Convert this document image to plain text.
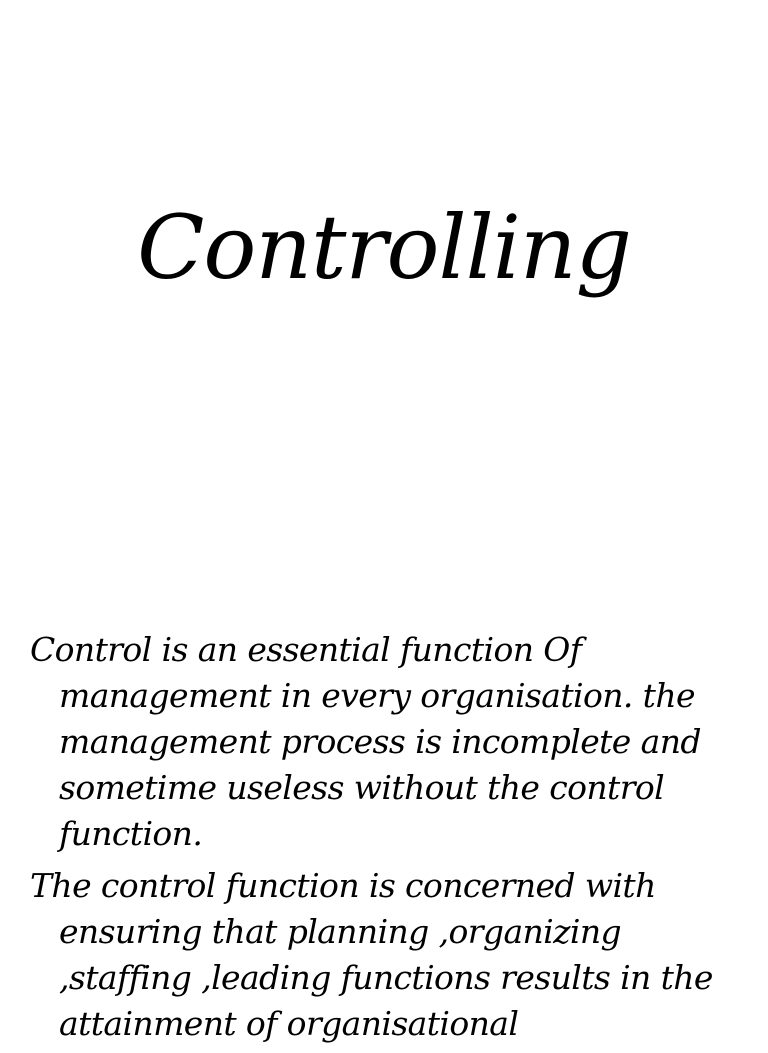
Controlling
Control is an essential function Of management in every organisation. the management process is incomplete and sometime useless without the control function.
The control function is concerned with ensuring that planning ,organizing ,staffing ,leading functions results in the attainment of organisational
